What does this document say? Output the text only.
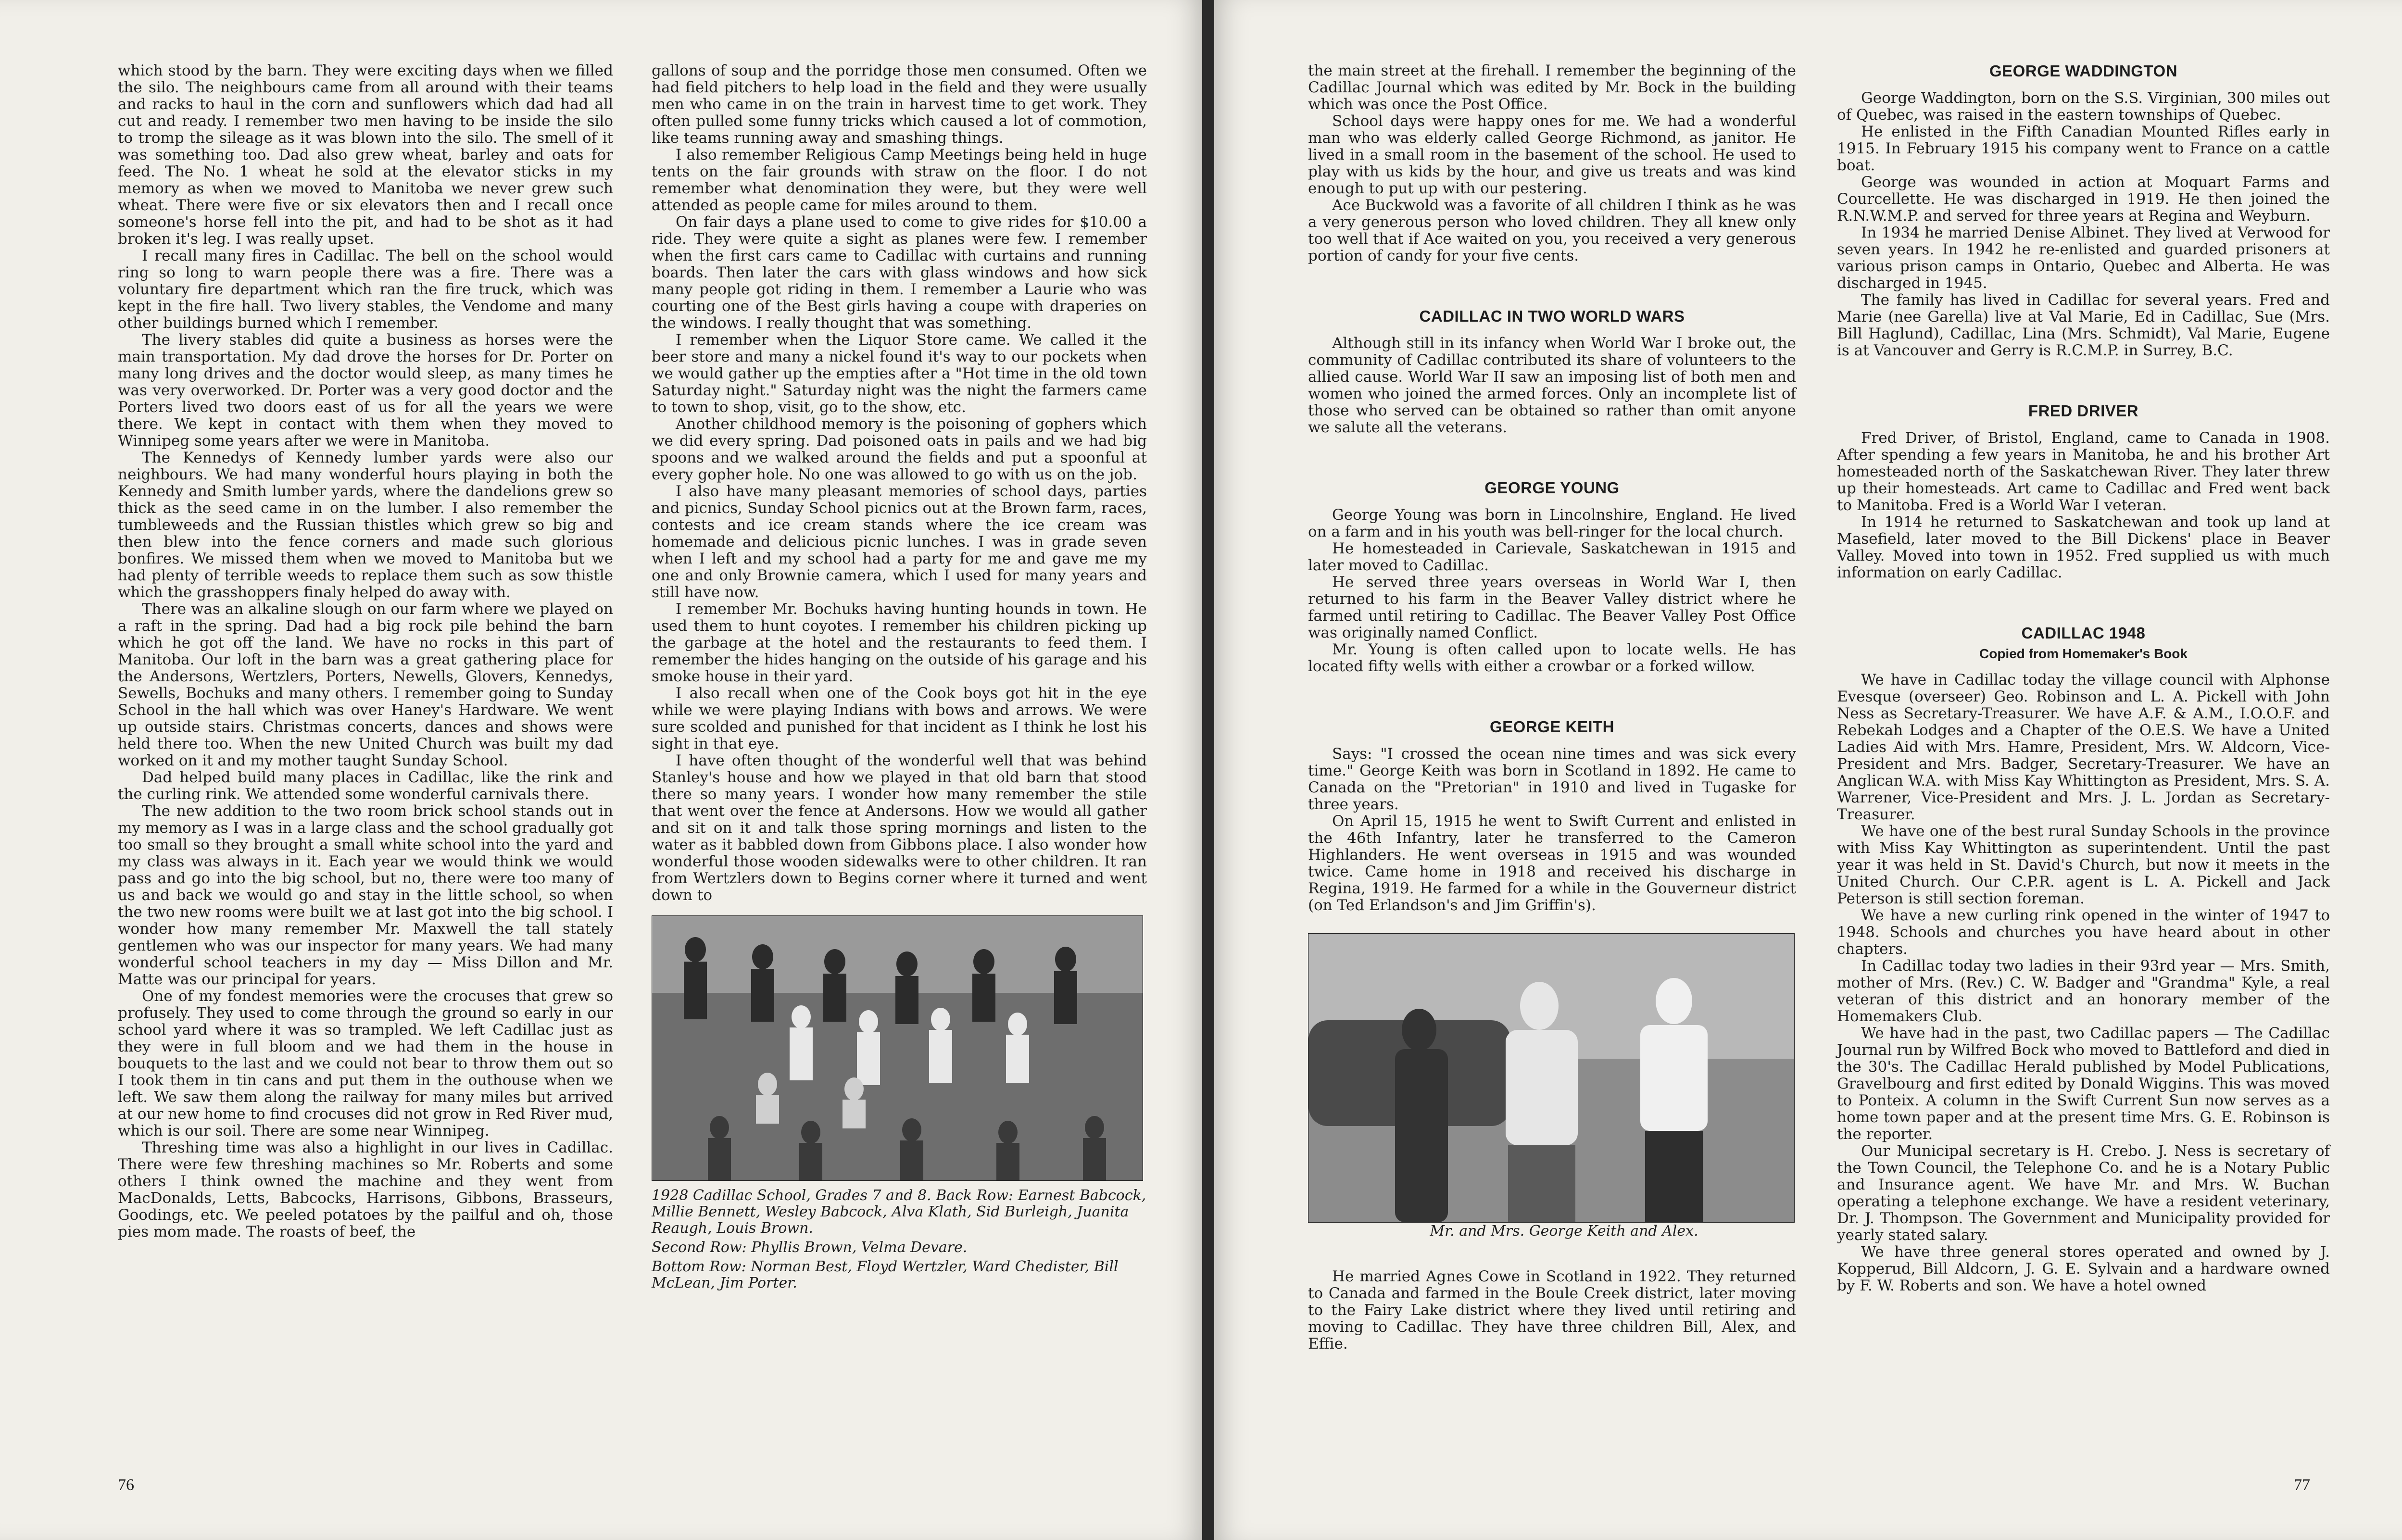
which stood by the barn. They were exciting days when we filled the silo. The neighbours came from all around with their teams and racks to haul in the corn and sunflowers which dad had all cut and ready. I remember two men having to be inside the silo to tromp the sileage as it was blown into the silo. The smell of it was something too. Dad also grew wheat, barley and oats for feed. The No. 1 wheat he sold at the elevator sticks in my memory as when we moved to Manitoba we never grew such wheat. There were five or six elevators then and I recall once someone's horse fell into the pit, and had to be shot as it had broken it's leg. I was really upset.

I recall many fires in Cadillac. The bell on the school would ring so long to warn people there was a fire. There was a voluntary fire department which ran the fire truck, which was kept in the fire hall. Two livery stables, the Vendome and many other buildings burned which I remember.

The livery stables did quite a business as horses were the main transportation. My dad drove the horses for Dr. Porter on many long drives and the doctor would sleep, as many times he was very overworked. Dr. Porter was a very good doctor and the Porters lived two doors east of us for all the years we were there. We kept in contact with them when they moved to Winnipeg some years after we were in Manitoba.

The Kennedys of Kennedy lumber yards were also our neighbours. We had many wonderful hours playing in both the Kennedy and Smith lumber yards, where the dandelions grew so thick as the seed came in on the lumber. I also remember the tumbleweeds and the Russian thistles which grew so big and then blew into the fence corners and made such glorious bonfires. We missed them when we moved to Manitoba but we had plenty of terrible weeds to replace them such as sow thistle which the grasshoppers finaly helped do away with.

There was an alkaline slough on our farm where we played on a raft in the spring. Dad had a big rock pile behind the barn which he got off the land. We have no rocks in this part of Manitoba. Our loft in the barn was a great gathering place for the Andersons, Wertzlers, Porters, Newells, Glovers, Kennedys, Sewells, Bochuks and many others. I remember going to Sunday School in the hall which was over Haney's Hardware. We went up outside stairs. Christmas concerts, dances and shows were held there too. When the new United Church was built my dad worked on it and my mother taught Sunday School.

Dad helped build many places in Cadillac, like the rink and the curling rink. We attended some wonderful carnivals there.

The new addition to the two room brick school stands out in my memory as I was in a large class and the school gradually got too small so they brought a small white school into the yard and my class was always in it. Each year we would think we would pass and go into the big school, but no, there were too many of us and back we would go and stay in the little school, so when the two new rooms were built we at last got into the big school. I wonder how many remember Mr. Maxwell the tall stately gentlemen who was our inspector for many years. We had many wonderful school teachers in my day — Miss Dillon and Mr. Matte was our principal for years.

One of my fondest memories were the crocuses that grew so profusely. They used to come through the ground so early in our school yard where it was so trampled. We left Cadillac just as they were in full bloom and we had them in the house in bouquets to the last and we could not bear to throw them out so I took them in tin cans and put them in the outhouse when we left. We saw them along the railway for many miles but arrived at our new home to find crocuses did not grow in Red River mud, which is our soil. There are some near Winnipeg.

Threshing time was also a highlight in our lives in Cadillac. There were few threshing machines so Mr. Roberts and some others I think owned the machine and they went from MacDonalds, Letts, Babcocks, Harrisons, Gibbons, Brasseurs, Goodings, etc. We peeled potatoes by the pailful and oh, those pies mom made. The roasts of beef, the

gallons of soup and the porridge those men consumed. Often we had field pitchers to help load in the field and they were usually men who came in on the train in harvest time to get work. They often pulled some funny tricks which caused a lot of commotion, like teams running away and smashing things.

I also remember Religious Camp Meetings being held in huge tents on the fair grounds with straw on the floor. I do not remember what denomination they were, but they were well attended as people came for miles around to them.

On fair days a plane used to come to give rides for $10.00 a ride. They were quite a sight as planes were few. I remember when the first cars came to Cadillac with curtains and running boards. Then later the cars with glass windows and how sick many people got riding in them. I remember a Laurie who was courting one of the Best girls having a coupe with draperies on the windows. I really thought that was something.

I remember when the Liquor Store came. We called it the beer store and many a nickel found it's way to our pockets when we would gather up the empties after a "Hot time in the old town Saturday night." Saturday night was the night the farmers came to town to shop, visit, go to the show, etc.

Another childhood memory is the poisoning of gophers which we did every spring. Dad poisoned oats in pails and we had big spoons and we walked around the fields and put a spoonful at every gopher hole. No one was allowed to go with us on the job.

I also have many pleasant memories of school days, parties and picnics, Sunday School picnics out at the Brown farm, races, contests and ice cream stands where the ice cream was homemade and delicious picnic lunches. I was in grade seven when I left and my school had a party for me and gave me my one and only Brownie camera, which I used for many years and still have now.

I remember Mr. Bochuks having hunting hounds in town. He used them to hunt coyotes. I remember his children picking up the garbage at the hotel and the restaurants to feed them. I remember the hides hanging on the outside of his garage and his smoke house in their yard.

I also recall when one of the Cook boys got hit in the eye while we were playing Indians with bows and arrows. We were sure scolded and punished for that incident as I think he lost his sight in that eye.

I have often thought of the wonderful well that was behind Stanley's house and how we played in that old barn that stood there so many years. I wonder how many remember the stile that went over the fence at Andersons. How we would all gather and sit on it and talk those spring mornings and listen to the water as it babbled down from Gibbons place. I also wonder how wonderful those wooden sidewalks were to other children. It ran from Wertzlers down to Begins corner where it turned and went down to

1928 Cadillac School, Grades 7 and 8. Back Row: Earnest Babcock, Millie Bennett, Wesley Babcock, Alva Klath, Sid Burleigh, Juanita Reaugh, Louis Brown.

Second Row: Phyllis Brown, Velma Devare.

Bottom Row: Norman Best, Floyd Wertzler, Ward Chedister, Bill McLean, Jim Porter.

76

the main street at the firehall. I remember the beginning of the Cadillac Journal which was edited by Mr. Bock in the building which was once the Post Office.

School days were happy ones for me. We had a wonderful man who was elderly called George Richmond, as janitor. He lived in a small room in the basement of the school. He used to play with us kids by the hour, and give us treats and was kind enough to put up with our pestering.

Ace Buckwold was a favorite of all children I think as he was a very generous person who loved children. They all knew only too well that if Ace waited on you, you received a very generous portion of candy for your five cents.

CADILLAC IN TWO WORLD WARS

Although still in its infancy when World War I broke out, the community of Cadillac contributed its share of volunteers to the allied cause. World War II saw an imposing list of both men and women who joined the armed forces. Only an incomplete list of those who served can be obtained so rather than omit anyone we salute all the veterans.

GEORGE YOUNG

George Young was born in Lincolnshire, England. He lived on a farm and in his youth was bell-ringer for the local church.

He homesteaded in Carievale, Saskatchewan in 1915 and later moved to Cadillac.

He served three years overseas in World War I, then returned to his farm in the Beaver Valley district where he farmed until retiring to Cadillac. The Beaver Valley Post Office was originally named Conflict.

Mr. Young is often called upon to locate wells. He has located fifty wells with either a crowbar or a forked willow.

GEORGE KEITH

Says: "I crossed the ocean nine times and was sick every time." George Keith was born in Scotland in 1892. He came to Canada on the "Pretorian" in 1910 and lived in Tugaske for three years.

On April 15, 1915 he went to Swift Current and enlisted in the 46th Infantry, later he transferred to the Cameron Highlanders. He went overseas in 1915 and was wounded twice. Came home in 1918 and received his discharge in Regina, 1919. He farmed for a while in the Gouverneur district (on Ted Erlandson's and Jim Griffin's).

Mr. and Mrs. George Keith and Alex.

He married Agnes Cowe in Scotland in 1922. They returned to Canada and farmed in the Boule Creek district, later moving to the Fairy Lake district where they lived until retiring and moving to Cadillac. They have three children Bill, Alex, and Effie.

GEORGE WADDINGTON

George Waddington, born on the S.S. Virginian, 300 miles out of Quebec, was raised in the eastern townships of Quebec.

He enlisted in the Fifth Canadian Mounted Rifles early in 1915. In February 1915 his company went to France on a cattle boat.

George was wounded in action at Moquart Farms and Courcellette. He was discharged in 1919. He then joined the R.N.W.M.P. and served for three years at Regina and Weyburn.

In 1934 he married Denise Albinet. They lived at Verwood for seven years. In 1942 he re-enlisted and guarded prisoners at various prison camps in Ontario, Quebec and Alberta. He was discharged in 1945.

The family has lived in Cadillac for several years. Fred and Marie (nee Garella) live at Val Marie, Ed in Cadillac, Sue (Mrs. Bill Haglund), Cadillac, Lina (Mrs. Schmidt), Val Marie, Eugene is at Vancouver and Gerry is R.C.M.P. in Surrey, B.C.

FRED DRIVER

Fred Driver, of Bristol, England, came to Canada in 1908. After spending a few years in Manitoba, he and his brother Art homesteaded north of the Saskatchewan River. They later threw up their homesteads. Art came to Cadillac and Fred went back to Manitoba. Fred is a World War I veteran.

In 1914 he returned to Saskatchewan and took up land at Masefield, later moved to the Bill Dickens' place in Beaver Valley. Moved into town in 1952. Fred supplied us with much information on early Cadillac.

CADILLAC 1948
Copied from Homemaker's Book

We have in Cadillac today the village council with Alphonse Evesque (overseer) Geo. Robinson and L. A. Pickell with John Ness as Secretary-Treasurer. We have A.F. & A.M., I.O.O.F. and Rebekah Lodges and a Chapter of the O.E.S. We have a United Ladies Aid with Mrs. Hamre, President, Mrs. W. Aldcorn, Vice-President and Mrs. Badger, Secretary-Treasurer. We have an Anglican W.A. with Miss Kay Whittington as President, Mrs. S. A. Warrener, Vice-President and Mrs. J. L. Jordan as Secretary-Treasurer.

We have one of the best rural Sunday Schools in the province with Miss Kay Whittington as superintendent. Until the past year it was held in St. David's Church, but now it meets in the United Church. Our C.P.R. agent is L. A. Pickell and Jack Peterson is still section foreman.

We have a new curling rink opened in the winter of 1947 to 1948. Schools and churches you have heard about in other chapters.

In Cadillac today two ladies in their 93rd year — Mrs. Smith, mother of Mrs. (Rev.) C. W. Badger and "Grandma" Kyle, a real veteran of this district and an honorary member of the Homemakers Club.

We have had in the past, two Cadillac papers — The Cadillac Journal run by Wilfred Bock who moved to Battleford and died in the 30's. The Cadillac Herald published by Model Publications, Gravelbourg and first edited by Donald Wiggins. This was moved to Ponteix. A column in the Swift Current Sun now serves as a home town paper and at the present time Mrs. G. E. Robinson is the reporter.

Our Municipal secretary is H. Crebo. J. Ness is secretary of the Town Council, the Telephone Co. and he is a Notary Public and Insurance agent. We have Mr. and Mrs. W. Buchan operating a telephone exchange. We have a resident veterinary, Dr. J. Thompson. The Government and Municipality provided for yearly stated salary.

We have three general stores operated and owned by J. Kopperud, Bill Aldcorn, J. G. E. Sylvain and a hardware owned by F. W. Roberts and son. We have a hotel owned

77
